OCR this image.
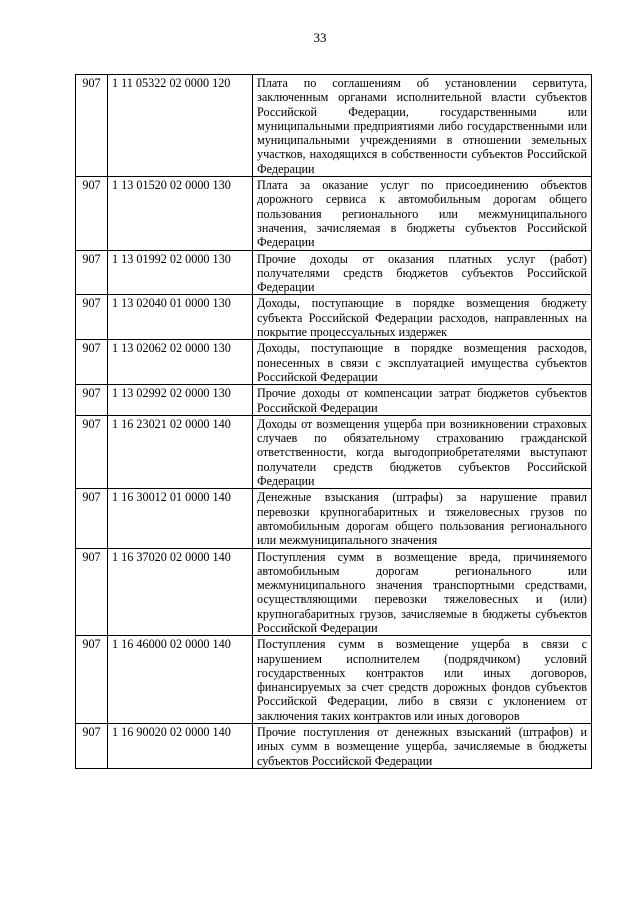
33
907	1 11 05322 02 0000 120	Плата по соглашениям об установлении сервитута, заключенным органами исполнительной власти субъектов Российской Федерации, государственными или муниципальными предприятиями либо государственными или муниципальными учреждениями в отношении земельных участков, находящихся в собственности субъектов Российской Федерации
907	1 13 01520 02 0000 130	Плата за оказание услуг по присоединению объектов дорожного сервиса к автомобильным дорогам общего пользования регионального или межмуниципального значения, зачисляемая в бюджеты субъектов Российской Федерации
907	1 13 01992 02 0000 130	Прочие доходы от оказания платных услуг (работ) получателями средств бюджетов субъектов Российской Федерации
907	1 13 02040 01 0000 130	Доходы, поступающие в порядке возмещения бюджету субъекта Российской Федерации расходов, направленных на покрытие процессуальных издержек
907	1 13 02062 02 0000 130	Доходы, поступающие в порядке возмещения расходов, понесенных в связи с эксплуатацией имущества субъектов Российской Федерации
907	1 13 02992 02 0000 130	Прочие доходы от компенсации затрат бюджетов субъектов Российской Федерации
907	1 16 23021 02 0000 140	Доходы от возмещения ущерба при возникновении страховых случаев по обязательному страхованию гражданской ответственности, когда выгодоприобретателями выступают получатели средств бюджетов субъектов Российской Федерации
907	1 16 30012 01 0000 140	Денежные взыскания (штрафы) за нарушение правил перевозки крупногабаритных и тяжеловесных грузов по автомобильным дорогам общего пользования регионального или межмуниципального значения
907	1 16 37020 02 0000 140	Поступления сумм в возмещение вреда, причиняемого автомобильным дорогам регионального или межмуниципального значения транспортными средствами, осуществляющими перевозки тяжеловесных и (или) крупногабаритных грузов, зачисляемые в бюджеты субъектов Российской Федерации
907	1 16 46000 02 0000 140	Поступления сумм в возмещение ущерба в связи с нарушением исполнителем (подрядчиком) условий государственных контрактов или иных договоров, финансируемых за счет средств дорожных фондов субъектов Российской Федерации, либо в связи с уклонением от заключения таких контрактов или иных договоров
907	1 16 90020 02 0000 140	Прочие поступления от денежных взысканий (штрафов) и иных сумм в возмещение ущерба, зачисляемые в бюджеты субъектов Российской Федерации
